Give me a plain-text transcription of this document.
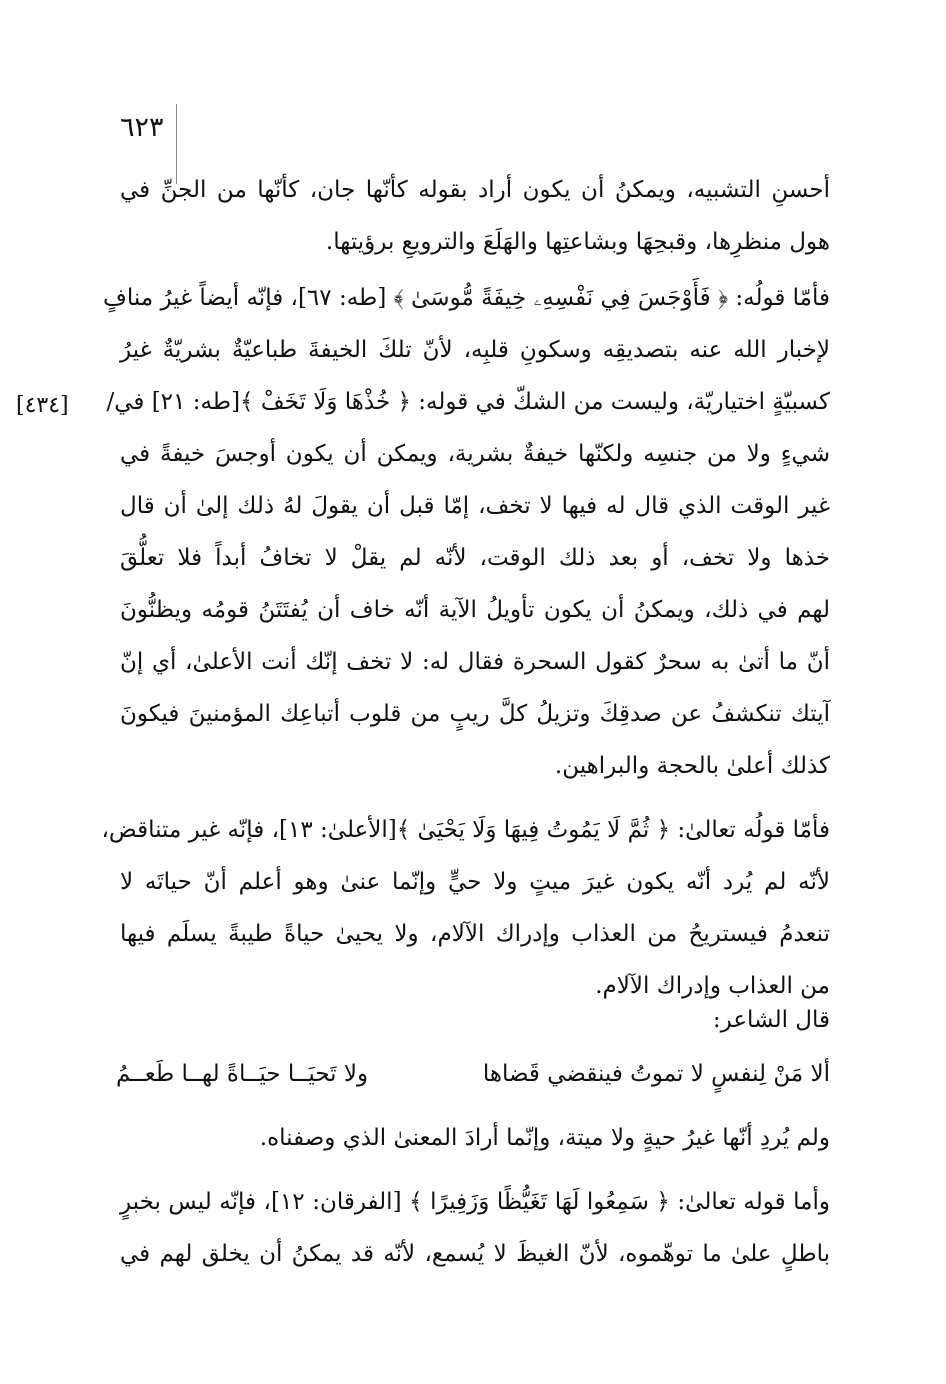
٦٢٣
[٤٣٤]
أحسنِ التشبيه، ويمكنُ أن يكون أراد بقوله كأنّها جان، كأنّها من الجنِّ في
هول منظرِها، وقبحِهَا وبشاعتِها والهَلَعَ والترويعِ برؤيتها.
فأمّا قولُه: ﴿ فَأَوْجَسَ فِي نَفْسِهِۦ خِيفَةً مُّوسَىٰ ﴾ [طه: ٦٧]، فإنّه أيضاً غيرُ منافٍ
لإخبار الله عنه بتصديقِه وسكونِ قلبِه، لأنّ تلكَ الخيفةَ طباعيّةٌ بشريّةٌ غيرُ
كسبيّةٍ اختياريّة، وليست من الشكّ في قوله: ﴿ خُذْهَا وَلَا تَخَفْ ﴾[طه: ٢١] في/
شيءٍ ولا من جنسِه ولكنّها خيفةٌ بشرية، ويمكن أن يكون أوجسَ خيفةً في
غير الوقت الذي قال له فيها لا تخف، إمّا قبل أن يقولَ لهُ ذلك إلىٰ أن قال
خذها ولا تخف، أو بعد ذلك الوقت، لأنّه لم يقلْ لا تخافُ أبداً فلا تعلُّقَ
لهم في ذلك، ويمكنُ أن يكون تأويلُ الآية أنّه خاف أن يُفتَتَنُ قومُه ويظنُّونَ
أنّ ما أتىٰ به سحرٌ كقول السحرة فقال له: لا تخف إنّك أنت الأعلىٰ، أي إنّ
آيتك تنكشفُ عن صدقِكَ وتزيلُ كلَّ ريبٍ من قلوب أتباعِك المؤمنينَ فيكونَ
كذلك أعلىٰ بالحجة والبراهين.
فأمّا قولُه تعالىٰ: ﴿ ثُمَّ لَا يَمُوتُ فِيهَا وَلَا يَحْيَىٰ ﴾[الأعلىٰ: ١٣]، فإنّه غير متناقض،
لأنّه لم يُرد أنّه يكون غيرَ ميتٍ ولا حيٍّ وإنّما عنىٰ وهو أعلم أنّ حياتَه لا
تنعدمُ فيستريحُ من العذاب وإدراك الآلام، ولا يحيىٰ حياةً طيبةً يسلَم فيها
من العذاب وإدراك الآلام.
قال الشاعر:
ألا مَنْ لِنفسٍ لا تموتُ فينقضي قَضاها
ولا تَحيَــا حيَــاةً لهــا طَعــمُ
ولم يُردِ أنّها غيرُ حيةٍ ولا ميتة، وإنّما أرادَ المعنىٰ الذي وصفناه.
وأما قوله تعالىٰ: ﴿ سَمِعُوا لَهَا تَغَيُّظًا وَزَفِيرًا ﴾ [الفرقان: ١٢]، فإنّه ليس بخبرٍ
باطلٍ علىٰ ما توهّموه، لأنّ الغيظَ لا يُسمع، لأنّه قد يمكنُ أن يخلق لهم في
